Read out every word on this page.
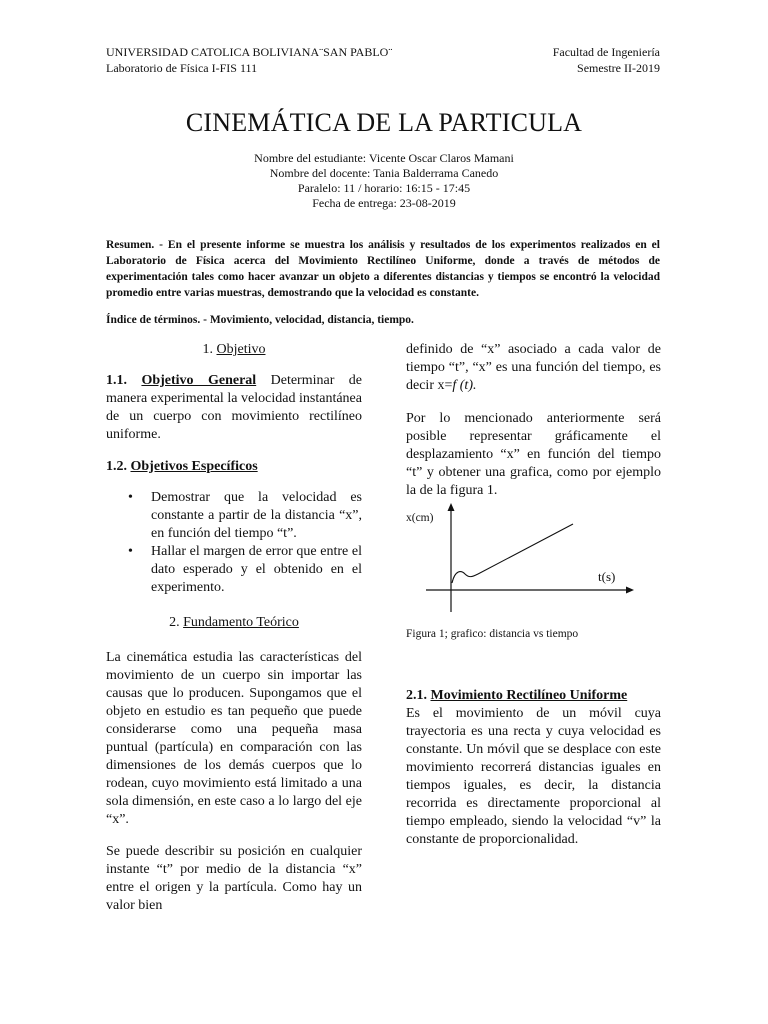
UNIVERSIDAD CATOLICA BOLIVIANA¨SAN PABLO¨
Laboratorio de Física I-FIS 111
Facultad de Ingeniería
Semestre II-2019
CINEMÁTICA DE LA PARTICULA
Nombre del estudiante: Vicente Oscar Claros Mamani
Nombre del docente: Tania Balderrama Canedo
Paralelo: 11 / horario: 16:15 - 17:45
Fecha de entrega: 23-08-2019
Resumen. - En el presente informe se muestra los análisis y resultados de los experimentos realizados en el Laboratorio de Física acerca del Movimiento Rectilíneo Uniforme, donde a través de métodos de experimentación tales como hacer avanzar un objeto a diferentes distancias y tiempos se encontró la velocidad promedio entre varias muestras, demostrando que la velocidad es constante.
Índice de términos. - Movimiento, velocidad, distancia, tiempo.
1. Objetivo
1.1. Objetivo General Determinar de manera experimental la velocidad instantánea de un cuerpo con movimiento rectilíneo uniforme.
1.2. Objetivos Específicos
• Demostrar que la velocidad es constante a partir de la distancia “x”, en función del tiempo “t”.
• Hallar el margen de error que entre el dato esperado y el obtenido en el experimento.
2. Fundamento Teórico

La cinemática estudia las características del movimiento de un cuerpo sin importar las causas que lo producen. Supongamos que el objeto en estudio es tan pequeño que puede considerarse como una pequeña masa puntual (partícula) en comparación con las dimensiones de los demás cuerpos que lo rodean, cuyo movimiento está limitado a una sola dimensión, en este caso a lo largo del eje “x”.

Se puede describir su posición en cualquier instante “t” por medio de la distancia “x” entre el origen y la partícula. Como hay un valor bien

definido de “x” asociado a cada valor de tiempo “t”, “x” es una función del tiempo, es decir x=f (t).

Por lo mencionado anteriormente será posible representar gráficamente el desplazamiento “x” en función del tiempo “t” y obtener una grafica, como por ejemplo la de la figura 1.

x(cm)
t(s)
Figura 1; grafico: distancia vs tiempo
2.1. Movimiento Rectilíneo Uniforme

Es el movimiento de un móvil cuya trayectoria es una recta y cuya velocidad es constante. Un móvil que se desplace con este movimiento recorrerá distancias iguales en tiempos iguales, es decir, la distancia recorrida es directamente proporcional al tiempo empleado, siendo la velocidad “v” la constante de proporcionalidad.
